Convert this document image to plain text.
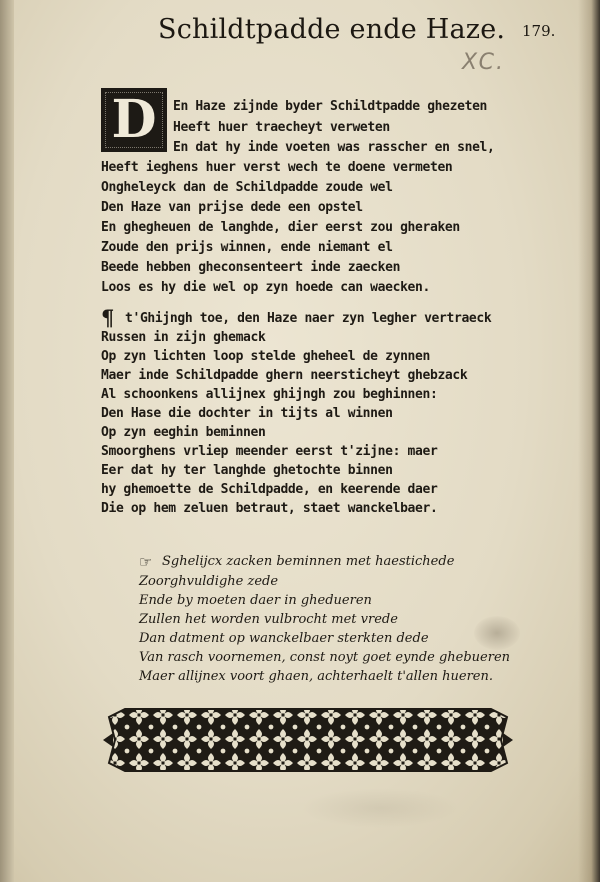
Schildtpadde ende Haze. 179.
XC.
D	En Haze zijnde byder Schildtpadde ghezeten
Heeft huer traecheyt verweten
En dat hy inde voeten was rasscher en snel,
Heeft ieghens huer verst wech te doene vermeten
Ongheleyck dan de Schildpadde zoude wel
Den Haze van prijse dede een opstel
En ghegheuen de langhde, dier eerst zou gheraken
Zoude den prijs winnen, ende niemant el
Beede hebben gheconsenteert inde zaecken
Loos es hy die wel op zyn hoede can waecken.
¶ t'Ghijngh toe, den Haze naer zyn legher vertraeck
Russen in zijn ghemack
Op zyn lichten loop stelde gheheel de zynnen
Maer inde Schildpadde ghern neersticheyt ghebzack
Al schoonkens allijnex ghijngh zou beghinnen:
Den Hase die dochter in tijts al winnen
Op zyn eeghin beminnen
Smoorghens vrliep meender eerst t'zijne: maer
Eer dat hy ter langhde ghetochte binnen
hy ghemoette de Schildpadde, en keerende daer
Die op hem zeluen betraut, staet wanckelbaer.
☞ Sghelijcx zacken beminnen met haestichede
Zoorghvuldighe zede
Ende by moeten daer in ghedueren
Zullen het worden vulbrocht met vrede
Dan datment op wanckelbaer sterkten dede
Van rasch voornemen, const noyt goet eynde ghebueren
Maer allijnex voort ghaen, achterhaelt t'allen hueren.
